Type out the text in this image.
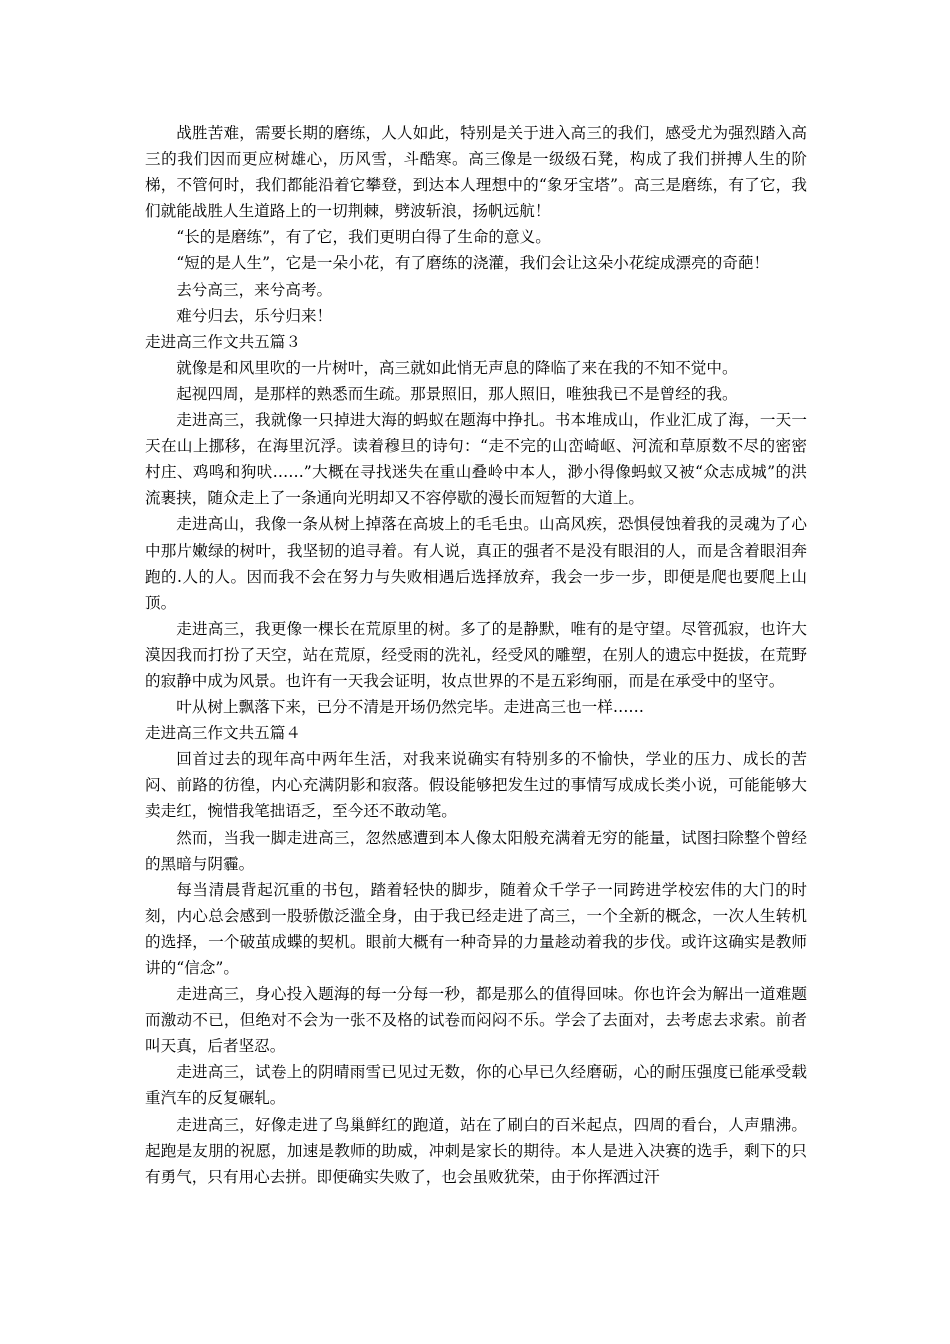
战胜苦难，需要长期的磨练，人人如此，特别是关于进入高三的我们，感受尤为强烈踏入高三的我们因而更应树雄心，历风雪，斗酷寒。高三像是一级级石凳，构成了我们拼搏人生的阶梯，不管何时，我们都能沿着它攀登，到达本人理想中的“象牙宝塔”。高三是磨练，有了它，我们就能战胜人生道路上的一切荆棘，劈波斩浪，扬帆远航！

“长的是磨练”，有了它，我们更明白得了生命的意义。

“短的是人生”，它是一朵小花，有了磨练的浇灌，我们会让这朵小花绽成漂亮的奇葩！

去兮高三，来兮高考。

难兮归去，乐兮归来！

走进高三作文共五篇３

就像是和风里吹的一片树叶，高三就如此悄无声息的降临了来在我的不知不觉中。

起视四周，是那样的熟悉而生疏。那景照旧，那人照旧，唯独我已不是曾经的我。

走进高三，我就像一只掉进大海的蚂蚁在题海中挣扎。书本堆成山，作业汇成了海，一天一天在山上挪移，在海里沉浮。读着穆旦的诗句：“走不完的山峦崎岖、河流和草原数不尽的密密村庄、鸡鸣和狗吠……”大概在寻找迷失在重山叠岭中本人，渺小得像蚂蚁又被“众志成城”的洪流裹挟，随众走上了一条通向光明却又不容停歇的漫长而短暂的大道上。

走进高山，我像一条从树上掉落在高坡上的毛毛虫。山高风疾，恐惧侵蚀着我的灵魂为了心中那片嫩绿的树叶，我坚韧的追寻着。有人说，真正的强者不是没有眼泪的人，而是含着眼泪奔跑的.人的人。因而我不会在努力与失败相遇后选择放弃，我会一步一步，即便是爬也要爬上山顶。

走进高三，我更像一棵长在荒原里的树。多了的是静默，唯有的是守望。尽管孤寂，也许大漠因我而打扮了天空，站在荒原，经受雨的洗礼，经受风的雕塑，在别人的遗忘中挺拔，在荒野的寂静中成为风景。也许有一天我会证明，妆点世界的不是五彩绚丽，而是在承受中的坚守。

叶从树上飘落下来，已分不清是开场仍然完毕。走进高三也一样……

走进高三作文共五篇４

回首过去的现年高中两年生活，对我来说确实有特别多的不愉快，学业的压力、成长的苦闷、前路的彷徨，内心充满阴影和寂落。假设能够把发生过的事情写成成长类小说，可能能够大卖走红，惋惜我笔拙语乏，至今还不敢动笔。

然而，当我一脚走进高三，忽然感遭到本人像太阳般充满着无穷的能量，试图扫除整个曾经的黑暗与阴霾。

每当清晨背起沉重的书包，踏着轻快的脚步，随着众千学子一同跨进学校宏伟的大门的时刻，内心总会感到一股骄傲泛滥全身，由于我已经走进了高三，一个全新的概念，一次人生转机的选择，一个破茧成蝶的契机。眼前大概有一种奇异的力量趁动着我的步伐。或许这确实是教师讲的“信念”。

走进高三，身心投入题海的每一分每一秒，都是那么的值得回味。你也许会为解出一道难题而激动不已，但绝对不会为一张不及格的试卷而闷闷不乐。学会了去面对，去考虑去求索。前者叫天真，后者坚忍。

走进高三，试卷上的阴晴雨雪已见过无数，你的心早已久经磨砺，心的耐压强度已能承受载重汽车的反复碾轧。

走进高三，好像走进了鸟巢鲜红的跑道，站在了刷白的百米起点，四周的看台，人声鼎沸。起跑是友朋的祝愿，加速是教师的助威，冲刺是家长的期待。本人是进入决赛的选手，剩下的只有勇气，只有用心去拼。即便确实失败了，也会虽败犹荣，由于你挥洒过汗
